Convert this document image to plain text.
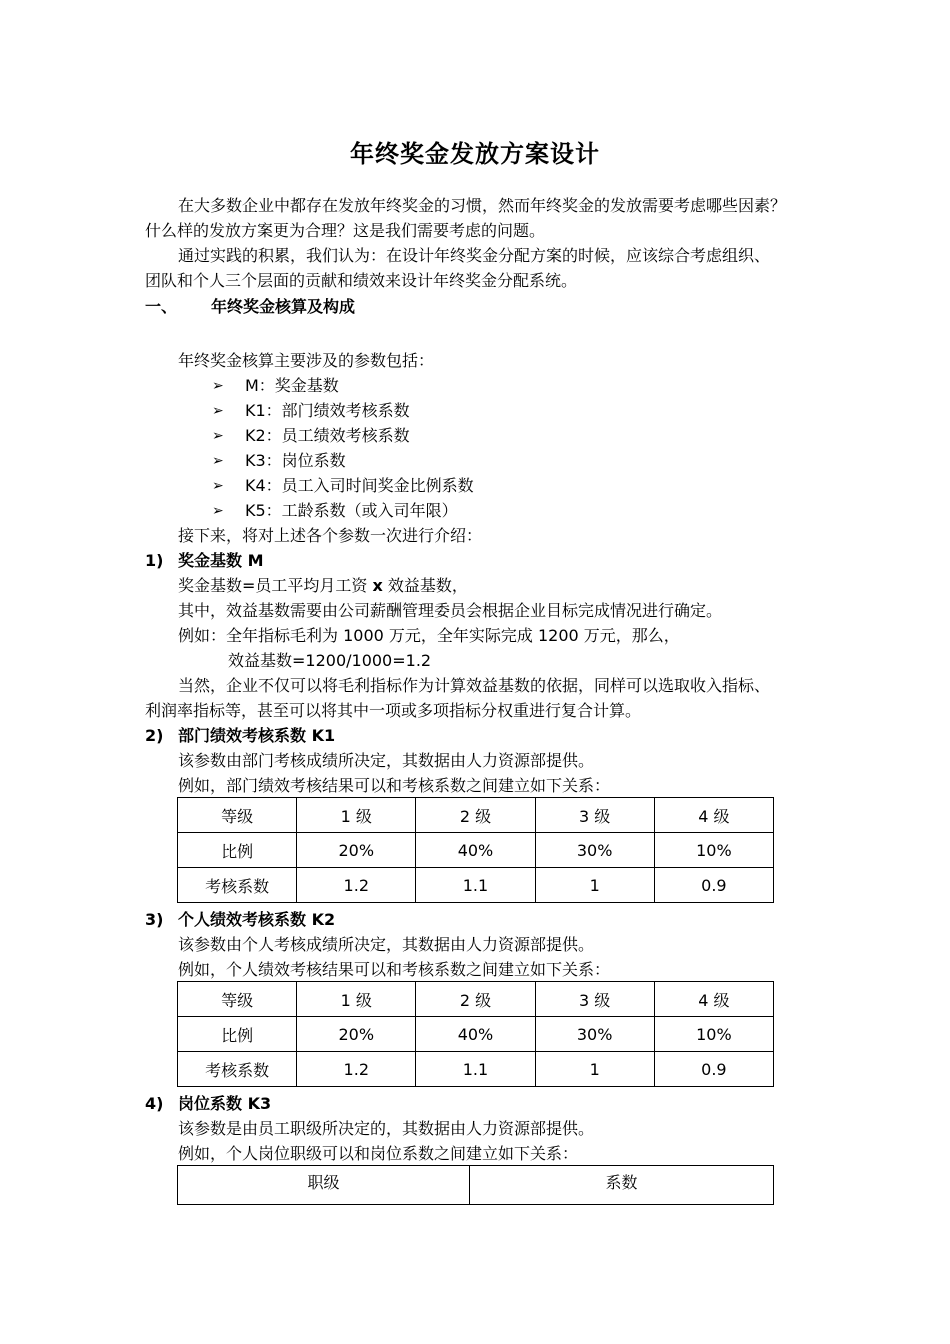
年终奖金发放方案设计
在大多数企业中都存在发放年终奖金的习惯，然而年终奖金的发放需要考虑哪些因素？
什么样的发放方案更为合理？这是我们需要考虑的问题。
通过实践的积累，我们认为：在设计年终奖金分配方案的时候，应该综合考虑组织、
团队和个人三个层面的贡献和绩效来设计年终奖金分配系统。
一、 年终奖金核算及构成
年终奖金核算主要涉及的参数包括：
➢ M：奖金基数
➢ K1：部门绩效考核系数
➢ K2：员工绩效考核系数
➢ K3：岗位系数
➢ K4：员工入司时间奖金比例系数
➢ K5：工龄系数（或入司年限）
接下来，将对上述各个参数一次进行介绍：
1) 奖金基数 M
奖金基数=员工平均月工资 x 效益基数，
其中，效益基数需要由公司薪酬管理委员会根据企业目标完成情况进行确定。
例如：全年指标毛利为 1000 万元，全年实际完成 1200 万元，那么，
效益基数=1200/1000=1.2
当然，企业不仅可以将毛利指标作为计算效益基数的依据，同样可以选取收入指标、
利润率指标等，甚至可以将其中一项或多项指标分权重进行复合计算。
2) 部门绩效考核系数 K1
该参数由部门考核成绩所决定，其数据由人力资源部提供。
例如，部门绩效考核结果可以和考核系数之间建立如下关系：
等级	1 级	2 级	3 级	4 级
比例	20%	40%	30%	10%
考核系数	1.2	1.1	1	0.9
3) 个人绩效考核系数 K2
该参数由个人考核成绩所决定，其数据由人力资源部提供。
例如，个人绩效考核结果可以和考核系数之间建立如下关系：
等级	1 级	2 级	3 级	4 级
比例	20%	40%	30%	10%
考核系数	1.2	1.1	1	0.9
4) 岗位系数 K3
该参数是由员工职级所决定的，其数据由人力资源部提供。
例如，个人岗位职级可以和岗位系数之间建立如下关系：
职级	系数
